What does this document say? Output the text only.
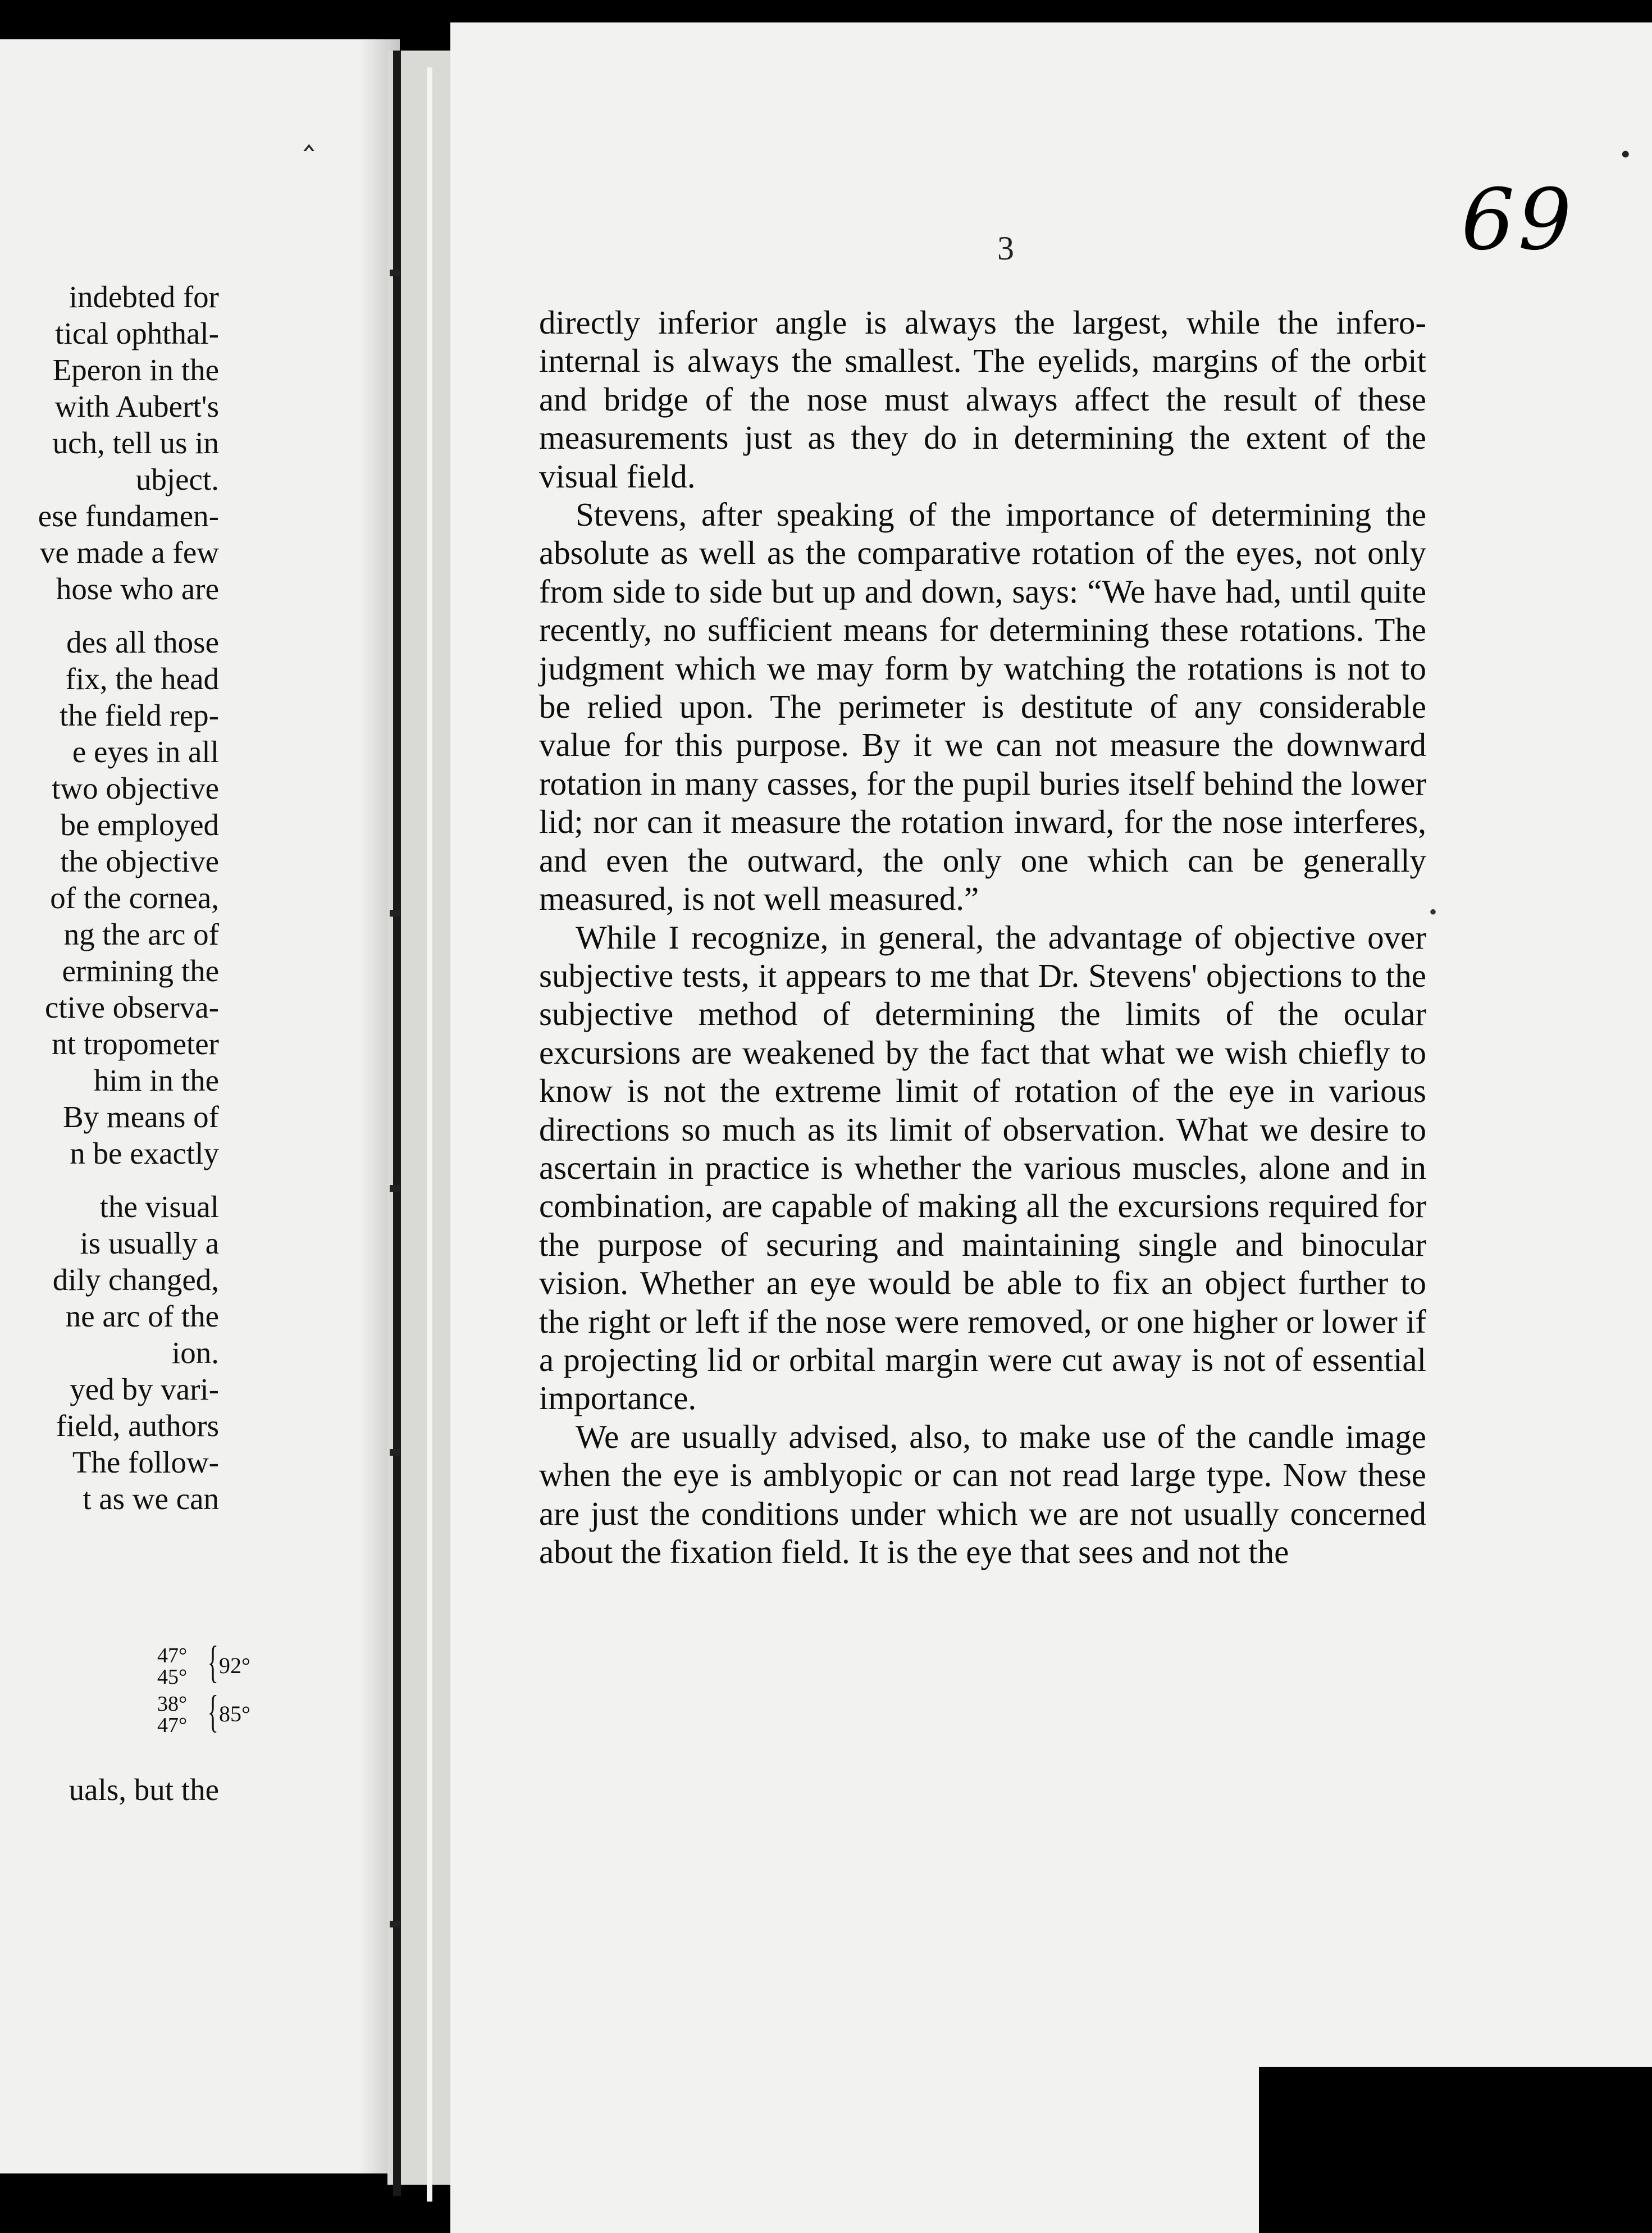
indebted for
tical ophthal-
Eperon in the
with Aubert's
uch, tell us in
ubject.
ese fundamen-
ve made a few
hose who are
des all those
fix, the head
the field rep-
e eyes in all
two objective
be employed
the objective
of the cornea,
ng the arc of
ermining the
ctive observa-
nt tropometer
him in the
By means of
n be exactly
the visual
is usually a
dily changed,
ne arc of the
ion.
yed by vari-
field, authors
The follow-
t as we can
47°
45°
38°
47°
{
{
92°
85°
uals, but the
‸
3	69
•
•

directly inferior angle is always the largest, while the infero-internal is always the smallest. The eyelids, margins of the orbit and bridge of the nose must always affect the result of these measurements just as they do in determining the extent of the visual field.

Stevens, after speaking of the importance of determining the absolute as well as the comparative rotation of the eyes, not only from side to side but up and down, says: “We have had, until quite recently, no sufficient means for determining these rotations. The judgment which we may form by watching the rotations is not to be relied upon. The perimeter is destitute of any considerable value for this purpose. By it we can not measure the downward rotation in many casses, for the pupil buries itself behind the lower lid; nor can it measure the rotation inward, for the nose interferes, and even the outward, the only one which can be generally measured, is not well measured.”

While I recognize, in general, the advantage of objective over subjective tests, it appears to me that Dr. Stevens' objections to the subjective method of determining the limits of the ocular excursions are weakened by the fact that what we wish chiefly to know is not the extreme limit of rotation of the eye in various directions so much as its limit of observation. What we desire to ascertain in practice is whether the various muscles, alone and in combination, are capable of making all the excursions required for the purpose of securing and maintaining single and binocular vision. Whether an eye would be able to fix an object further to the right or left if the nose were removed, or one higher or lower if a projecting lid or orbital margin were cut away is not of essential importance.

We are usually advised, also, to make use of the candle image when the eye is amblyopic or can not read large type. Now these are just the conditions under which we are not usually concerned about the fixation field. It is the eye that sees and not the
